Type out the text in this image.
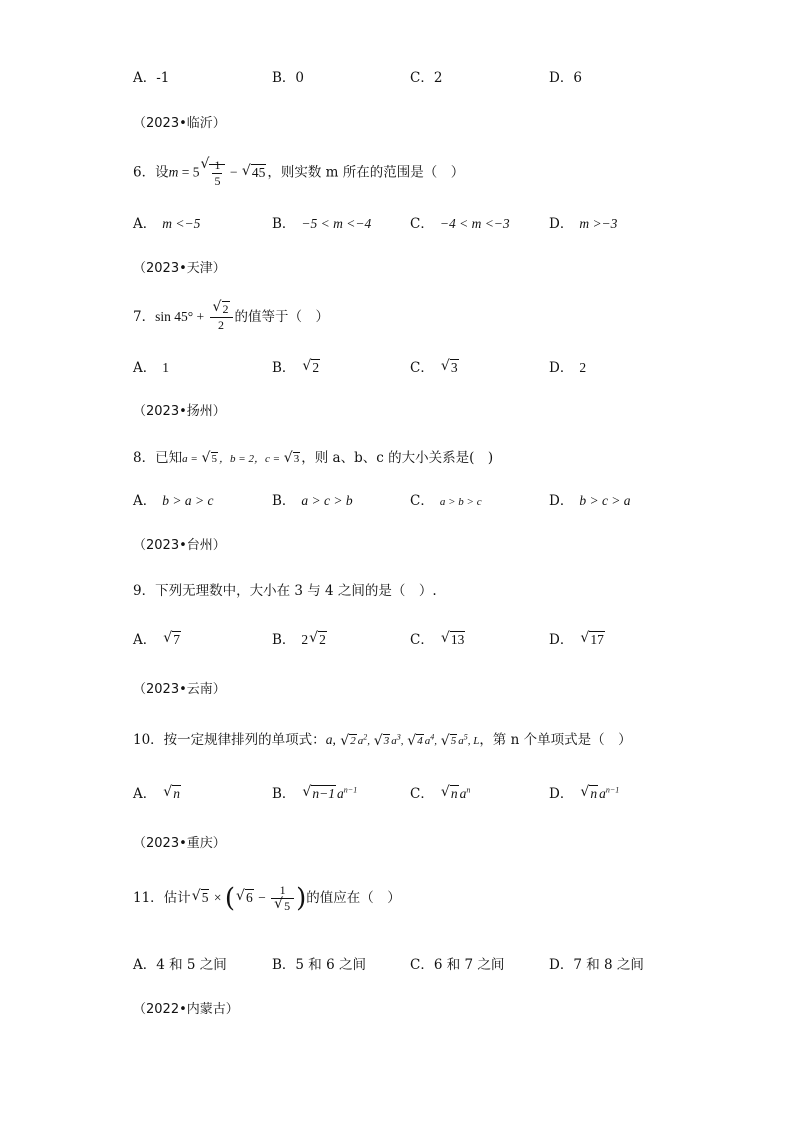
A．-1	B．0	C．2	D．6
（2023•临沂）
6．设m = 5 √ $\frac{1}{5}$ − √ 45 ，则实数 m 所在的范围是（　）
A． m <−5	B． −5 < m <−4	C． −4 < m <−3	D． m >−3
（2023•天津）
7．sin 45° + √ $\frac{2}{2}$ 的值等于（　）
A． 1	B． √ 2	C． √ 3	D． 2
（2023•扬州）
8．已知a = √ 5 ，b = 2，c = √ 3 ，则 a、b、c 的大小关系是(　)
A． b > a > c	B． a > c > b	C． a > b > c	D． b > c > a
（2023•台州）
9．下列无理数中，大小在 3 与 4 之间的是（　）.
A． √ 7	B． 2 √ 2	C． √ 13	D． √ 17
（2023•云南）
10．按一定规律排列的单项式：a, √ 2 $a^2$, √ 3 $a^3$, √ 4 $a^4$, √ 5 $a^5$, L，第 n 个单项式是（　）
A． √ n	B． √ n−1 $a^{n-1}$	C． √ n $a^n$	D． √ n $a^{n-1}$
（2023•重庆）
11．估计 √ 5 × ( √ 6 − 1
√ 5 )的值应在（　）
A．4 和 5 之间	B．5 和 6 之间	C．6 和 7 之间	D．7 和 8 之间
（2022•内蒙古）
